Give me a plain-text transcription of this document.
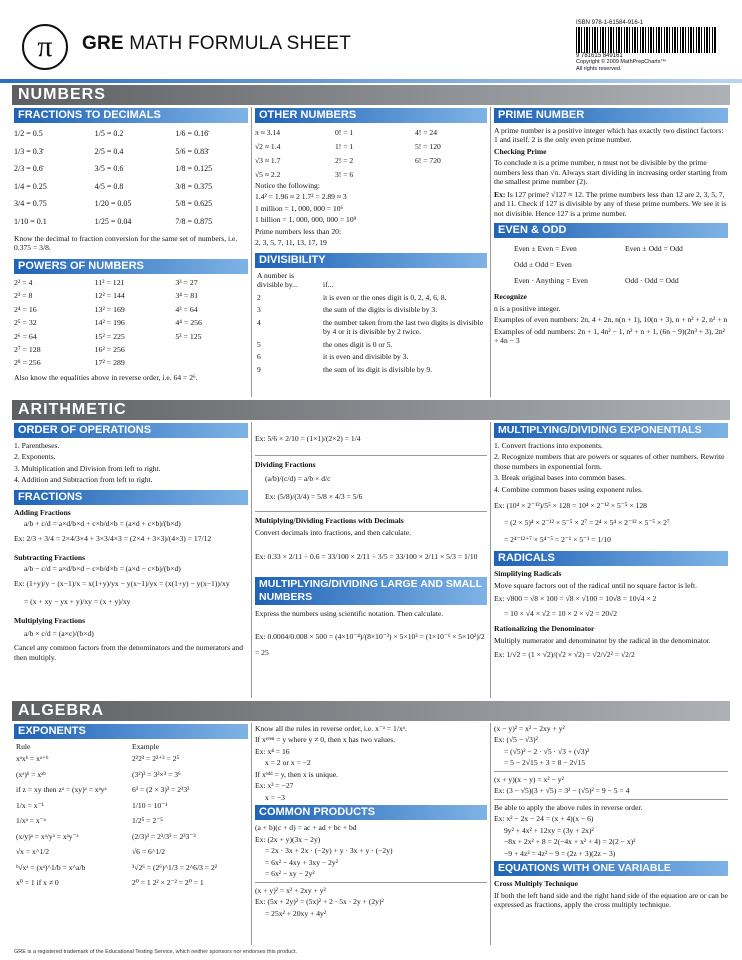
π GRE MATH FORMULA SHEET
ISBN 978-1-61584-916-1
9 781615 849161
Copyright © 2009 MathPrepCharts™
All rights reserved.
NUMBERS
FRACTIONS TO DECIMALS
1/2 = 0.5	1/5 = 0.2	1/6 = 0.16̄
1/3 = 0.3̄	2/5 = 0.4	5/6 = 0.83̄
2/3 = 0.6̄	3/5 = 0.6	1/8 = 0.125
1/4 = 0.25	4/5 = 0.8	3/8 = 0.375
3/4 = 0.75	1/20 = 0.05	5/8 = 0.625
1/10 = 0.1	1/25 = 0.04	7/8 = 0.875

Know the decimal to fraction conversion for the same set of numbers, i.e. 0.375 = 3/8.

POWERS OF NUMBERS
2² = 4	11² = 121	3³ = 27
2³ = 8	12² = 144	3⁴ = 81
2⁴ = 16	13² = 169	4³ = 64
2⁵ = 32	14² = 196	4⁴ = 256
2⁶ = 64	15² = 225	5³ = 125
2⁷ = 128	16² = 256
2⁸ = 256	17² = 289

Also know the equalities above in reverse order, i.e. 64 = 2⁶.

OTHER NUMBERS
π ≈ 3.14	0! = 1	4! = 24
√2 ≈ 1.4	1! = 1	5! = 120
√3 ≈ 1.7	2! = 2	6! = 720
√5 ≈ 2.2	3! = 6

Notice the following:

1.4² = 1.96 ≈ 2 1.7² = 2.89 ≈ 3

1 million = 1, 000, 000 = 10⁶

1 billion = 1, 000, 000, 000 = 10⁹

Prime numbers less than 20:

2, 3, 5, 7, 11, 13, 17, 19

DIVISIBILITY
A number is divisible by...	if...
2	it is even or the ones digit is 0, 2, 4, 6, 8.
3	the sum of the digits is divisible by 3.
4	the number taken from the last two digits is divisible by 4 or it is divisible by 2 twice.
5	the ones digit is 0 or 5.
6	it is even and divisible by 3.
9	the sum of its digit is divisible by 9.
PRIME NUMBER

A prime number is a positive integer which has exactly two distinct factors: 1 and itself. 2 is the only even prime number.

Checking Prime

To conclude n is a prime number, n must not be divisible by the prime numbers less than √n. Always start dividing in increasing order starting from the smallest prime number (2).

Ex: Is 127 prime? √127 ≈ 12. The prime numbers less than 12 are 2, 3, 5, 7, and 11. Check if 127 is divisible by any of these prime numbers. We see it is not divisible. Hence 127 is a prime number.

EVEN & ODD
Even ± Even = Even	Even ± Odd = Odd
Odd ± Odd = Even
Even · Anything = Even	Odd · Odd = Odd

Recognize

n is a positive integer.

Examples of even numbers: 2n, 4 + 2n, n(n + 1), 10(n + 3), n + n² + 2, n² + n

Examples of odd numbers: 2n + 1, 4n² − 1, n² + n + 1, (6n − 9)(2n³ + 3), 2n² + 4n − 3

ARITHMETIC
ORDER OF OPERATIONS

1. Parentheses.

2. Exponents.

3. Multiplication and Division from left to right.

4. Addition and Subtraction from left to right.

FRACTIONS

Adding Fractions

a/b + c/d = a×d/b×d + c×b/d×b = (a×d + c×b)/(b×d)

Ex: 2/3 + 3/4 = 2×4/3×4 + 3×3/4×3 = (2×4 + 3×3)/(4×3) = 17/12

Subtracting Fractions

a/b − c/d = a×d/b×d − c×b/d×b = (a×d − c×b)/(b×d)

Ex: (1+y)/y − (x−1)/x = x(1+y)/yx − y(x−1)/yx = (x(1+y) − y(x−1))/xy

= (x + xy − yx + y)/xy = (x + y)/xy

Multiplying Fractions

a/b × c/d = (a×c)/(b×d)

Cancel any common factors from the denominators and the numerators and then multiply.

Ex: 5/6 × 2/10 = (1×1)/(2×2) = 1/4

Dividing Fractions

(a/b)/(c/d) = a/b × d/c

Ex: (5/8)/(3/4) = 5/8 × 4/3 = 5/6

Multiplying/Dividing Fractions with Decimals

Convert decimals into fractions, and then calculate.

Ex: 0.33 × 2/11 ÷ 0.6 = 33/100 × 2/11 ÷ 3/5 = 33/100 × 2/11 × 5/3 = 1/10

MULTIPLYING/DIVIDING LARGE AND SMALL NUMBERS

Express the numbers using scientific notation. Then calculate.

Ex: 0.0004/0.008 × 500 = (4×10⁻⁴)/(8×10⁻³) × 5×10² = (1×10⁻¹ × 5×10²)/2 = 25

MULTIPLYING/DIVIDING EXPONENTIALS

1. Convert fractions into exponents.

2. Recognize numbers that are powers or squares of other numbers. Rewrite those numbers in exponential form.

3. Break original bases into common bases.

4. Combine common bases using exponent rules.

Ex: (10⁴ × 2⁻¹²)/5⁵ × 128 = 10⁴ × 2⁻¹² × 5⁻⁵ × 128

= (2 × 5)⁴ × 2⁻¹² × 5⁻⁵ × 2⁷ = 2⁴ × 5⁴ × 2⁻¹² × 5⁻⁵ × 2⁷

= 2⁴⁻¹²⁺⁷ × 5⁴⁻⁵ = 2⁻¹ × 5⁻¹ = 1/10

RADICALS

Simplifying Radicals

Move square factors out of the radical until no square factor is left.

Ex: √800 = √8 × 100 = √8 × √100 = 10√8 = 10√4 × 2

= 10 × √4 × √2 = 10 × 2 × √2 = 20√2

Rationalizing the Denominator

Multiply numerator and denominator by the radical in the denominator.

Ex: 1/√2 = (1 × √2)/(√2 × √2) = √2/√2² = √2/2

ALGEBRA
EXPONENTS
Rule	Example
xᵃxᵇ = xᵃ⁺ᵇ	2²2³ = 2²⁺³ = 2⁵
(xᵃ)ᵇ = xᵃᵇ	(3²)³ = 3²×³ = 3⁶
if z = xy then zᵃ = (xy)ᵃ = xᵃyᵃ	6³ = (2 × 3)³ = 2³3³
1/x = x⁻¹	1/10 = 10⁻¹
1/xᵃ = x⁻ᵃ	1/2⁵ = 2⁻⁵
(x/y)ᵃ = xᵃ/yᵃ = xᵃy⁻ᵃ	(2/3)³ = 2³/3³ = 2³3⁻³
√x = x^1/2	√6 = 6^1/2
ᵇ√xᵃ = (xᵃ)^1/b = x^a/b	³√2⁶ = (2⁶)^1/3 = 2^6/3 = 2²
x⁰ = 1 if x ≠ 0	2⁰ = 1 2² × 2⁻² = 2⁰ = 1

Know all the rules in reverse order, i.e. x⁻ᵃ = 1/xᵃ.

If xᵉᵛᵉⁿ = y where y ≠ 0, then x has two values.

Ex: x⁴ = 16

x = 2 or x = −2

If xᵒᵈᵈ = y, then x is unique.

Ex: x³ = −27

x = −3

COMMON PRODUCTS

(a + b)(c + d) = ac + ad + bc + bd

Ex: (2x + y)(3x − 2y)

= 2x · 3x + 2x · (−2y) + y · 3x + y · (−2y)

= 6x² − 4xy + 3xy − 2y²

= 6x² − xy − 2y²

(x + y)² = x² + 2xy + y²

Ex: (5x + 2y)² = (5x)² + 2 · 5x · 2y + (2y)²

= 25x² + 20xy + 4y²

(x − y)² = x² − 2xy + y²

Ex: (√5 − √3)²

= (√5)² − 2 · √5 · √3 + (√3)²

= 5 − 2√15 + 3 = 8 − 2√15

(x + y)(x − y) = x² − y²

Ex: (3 − √5)(3 + √5) = 3² − (√5)² = 9 − 5 = 4

Be able to apply the above rules in reverse order.

Ex: x² − 2x − 24 = (x + 4)(x − 6)

9y² + 4x² + 12xy = (3y + 2x)²

−8x + 2x² + 8 = 2(−4x + x² + 4) = 2(2 − x)²

−9 + 4z² = 4z² − 9 = (2z + 3)(2z − 3)

EQUATIONS WITH ONE VARIABLE

Cross Multiply Technique

If both the left hand side and the right hand side of the equation are or can be expressed as fractions, apply the cross multiply technique.

GRE is a registered trademark of the Educational Testing Service, which neither sponsors nor endorses this product.
